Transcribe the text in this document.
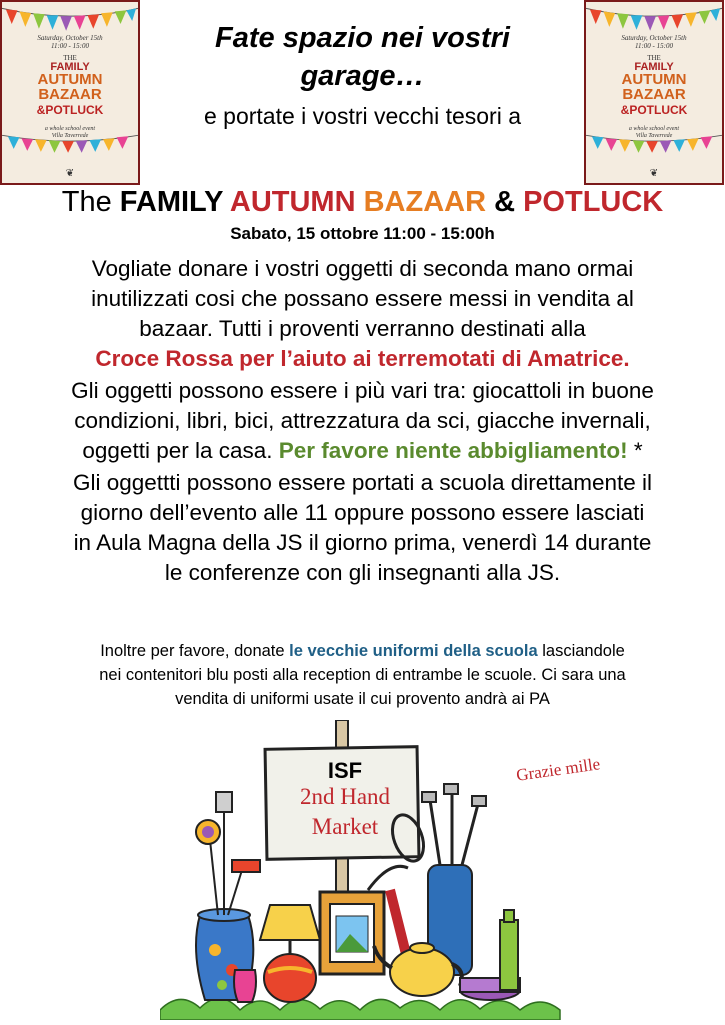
Saturday, October 15th
11:00 - 15:00
THE
FAMILY
AUTUMN
BAZAAR
&POTLUCK
a whole school event
Villa Taverrede
❦
Saturday, October 15th
11:00 - 15:00
THE
FAMILY
AUTUMN
BAZAAR
&POTLUCK
a whole school event
Villa Taverrede
❦
Fate spazio nei vostri
garage…
e portate i vostri vecchi tesori a
The FAMILY AUTUMN BAZAAR & POTLUCK
Sabato, 15 ottobre 11:00 - 15:00h
Vogliate donare i vostri oggetti di seconda mano ormai
inutilizzati cosi che possano essere messi in vendita al
bazaar. Tutti i proventi verranno destinati alla
Croce Rossa per l’aiuto ai terremotati di Amatrice.
Gli oggetti possono essere i più vari tra: giocattoli in buone
condizioni, libri, bici, attrezzatura da sci, giacche invernali,
oggetti per la casa. Per favore niente abbigliamento! *
Gli oggettti possono essere portati a scuola direttamente il
giorno dell’evento alle 11 oppure possono essere lasciati
in Aula Magna della JS il giorno prima, venerdì 14 durante
le conferenze con gli insegnanti alla JS.
Inoltre per favore, donate le vecchie uniformi della scuola lasciandole
nei contenitori blu posti alla reception di entrambe le scuole. Ci sara una
vendita di uniformi usate il cui provento andrà ai PA
ISF
2nd Hand
Market
Grazie mille
